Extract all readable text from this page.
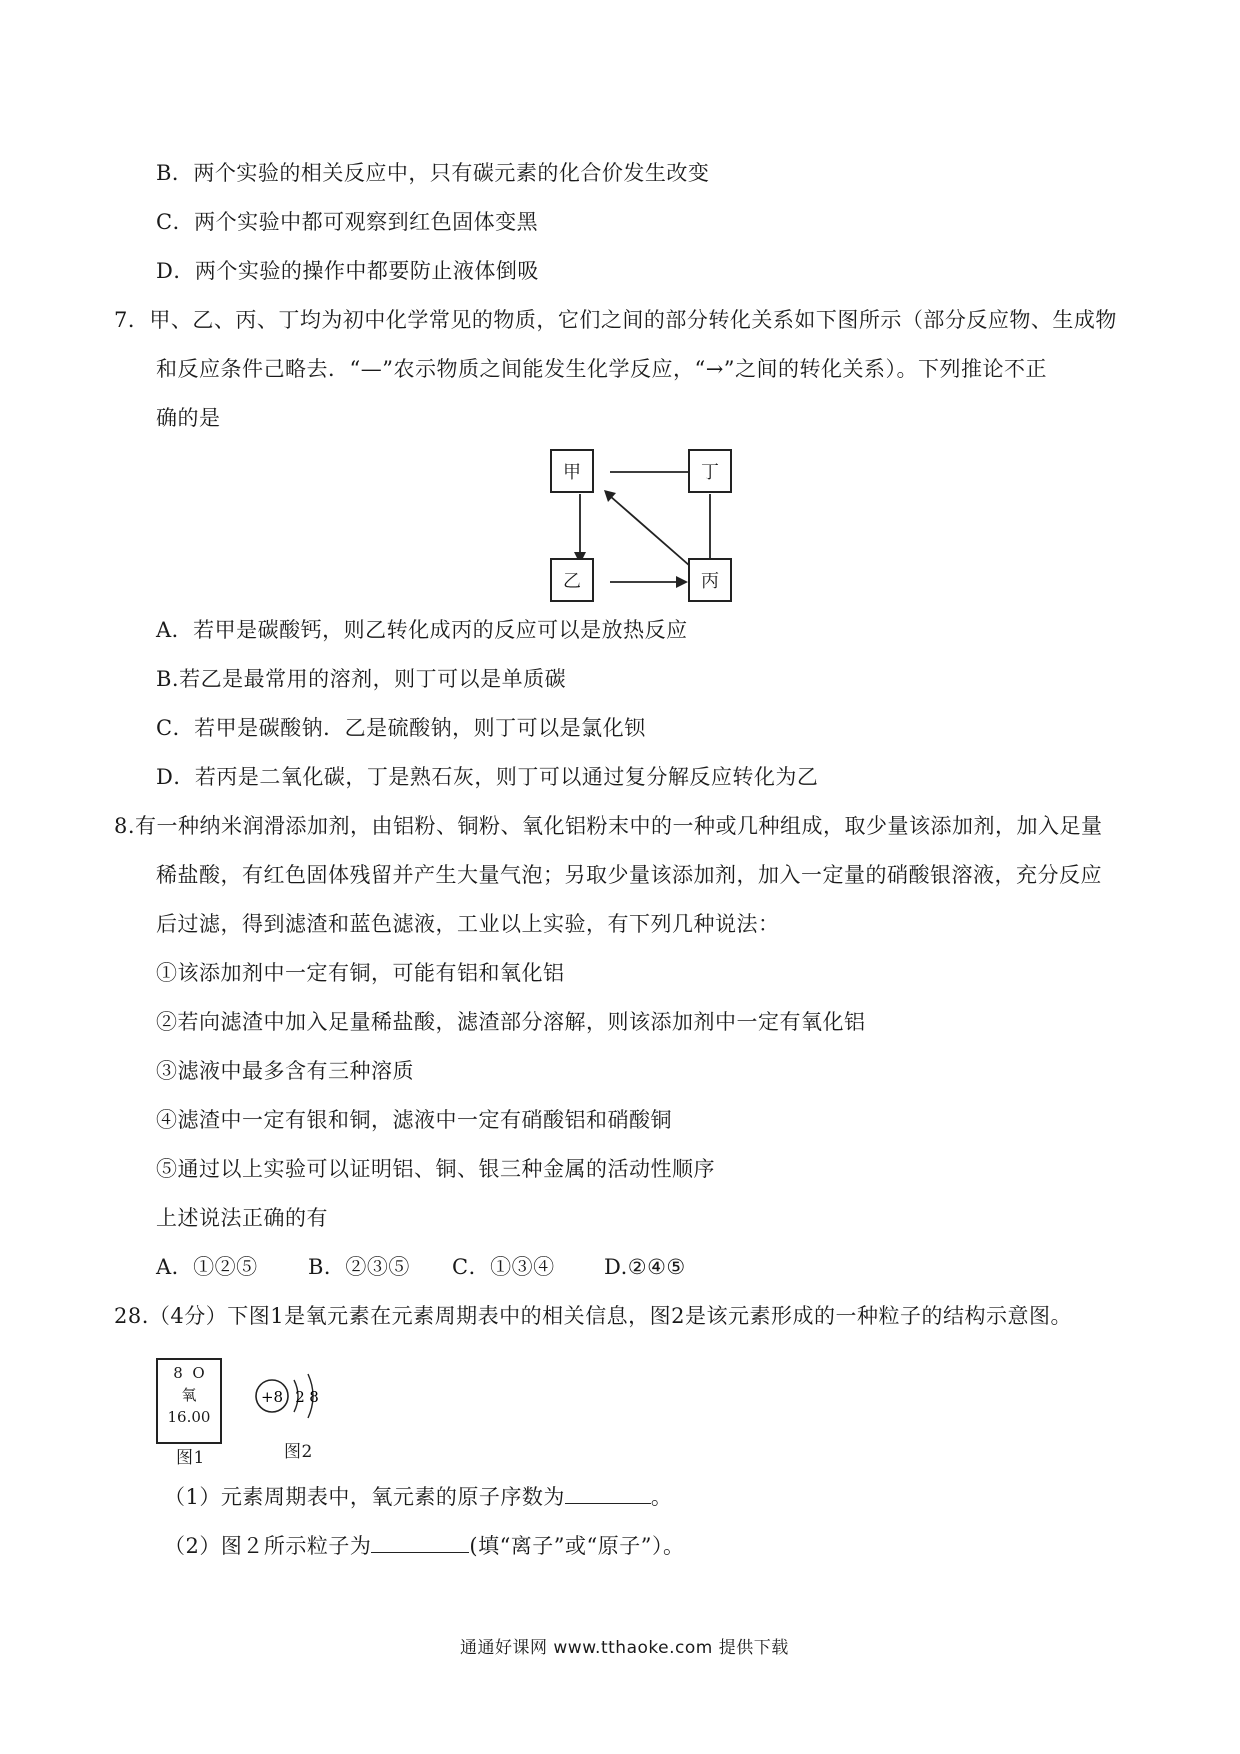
B．两个实验的相关反应中，只有碳元素的化合价发生改变
C．两个实验中都可观察到红色固体变黑
D．两个实验的操作中都要防止液体倒吸
7．甲、乙、丙、丁均为初中化学常见的物质，它们之间的部分转化关系如下图所示（部分反应物、生成物
和反应条件己略去．“—”农示物质之间能发生化学反应，“→”之间的转化关系）。下列推论不正
确的是
甲	丁
乙	丙
A．若甲是碳酸钙，则乙转化成丙的反应可以是放热反应
B.若乙是最常用的溶剂，则丁可以是单质碳
C．若甲是碳酸钠．乙是硫酸钠，则丁可以是氯化钡
D．若丙是二氧化碳，丁是熟石灰，则丁可以通过复分解反应转化为乙
8.有一种纳米润滑添加剂，由铝粉、铜粉、氧化铝粉末中的一种或几种组成，取少量该添加剂，加入足量
稀盐酸，有红色固体残留并产生大量气泡；另取少量该添加剂，加入一定量的硝酸银溶液，充分反应
后过滤，得到滤渣和蓝色滤液，工业以上实验，有下列几种说法：
①该添加剂中一定有铜，可能有铝和氧化铝
②若向滤渣中加入足量稀盐酸，滤渣部分溶解，则该添加剂中一定有氧化铝
③滤液中最多含有三种溶质
④滤渣中一定有银和铜，滤液中一定有硝酸铝和硝酸铜
⑤通过以上实验可以证明铝、铜、银三种金属的活动性顺序
上述说法正确的有
A．①②⑤ B．②③⑤ C．①③④ D.②④⑤
28.（4分）下图1是氧元素在元素周期表中的相关信息，图2是该元素形成的一种粒子的结构示意图。
8 O
氧
16.00
图1
+8 2 8
图2
（1）元素周期表中，氧元素的原子序数为	。
（2）图２所示粒子为	(填“离子”或“原子”）。
通通好课网 www.tthaoke.com 提供下载
